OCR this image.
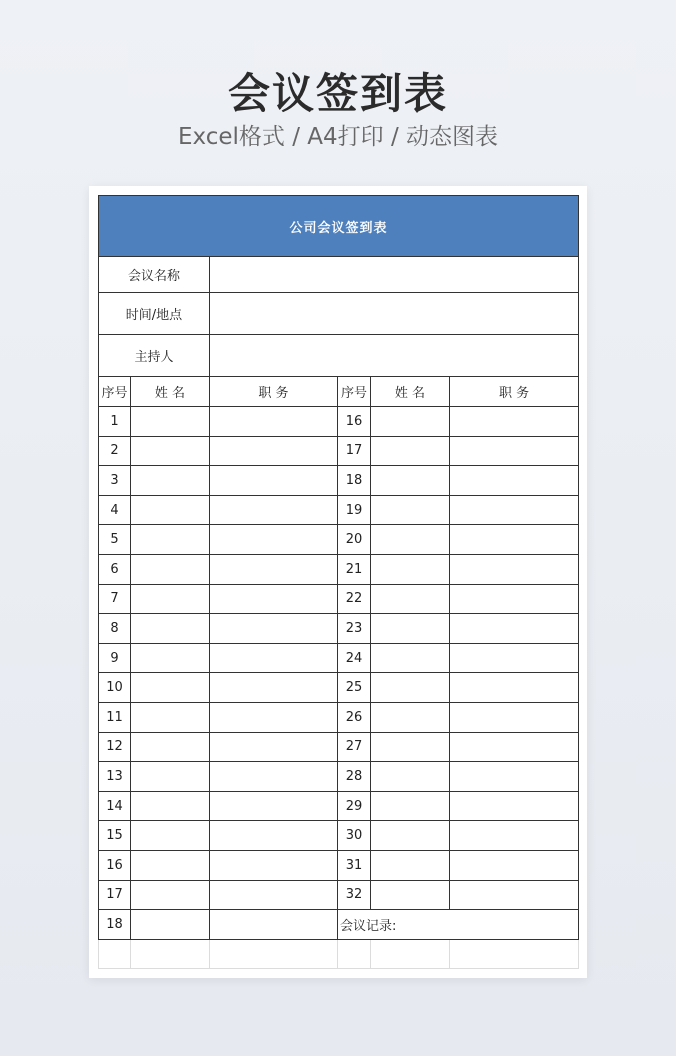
会议签到表
Excel格式 / A4打印 / 动态图表
公司会议签到表					
会议名称					
时间/地点					
主持人					
序号	姓 名	职 务	序号	姓 名	职 务
1			16		
2			17		
3			18		
4			19		
5			20		
6			21		
7			22		
8			23		
9			24		
10			25		
11			26		
12			27		
13			28		
14			29		
15			30		
16			31		
17			32		
18			会议记录:		
